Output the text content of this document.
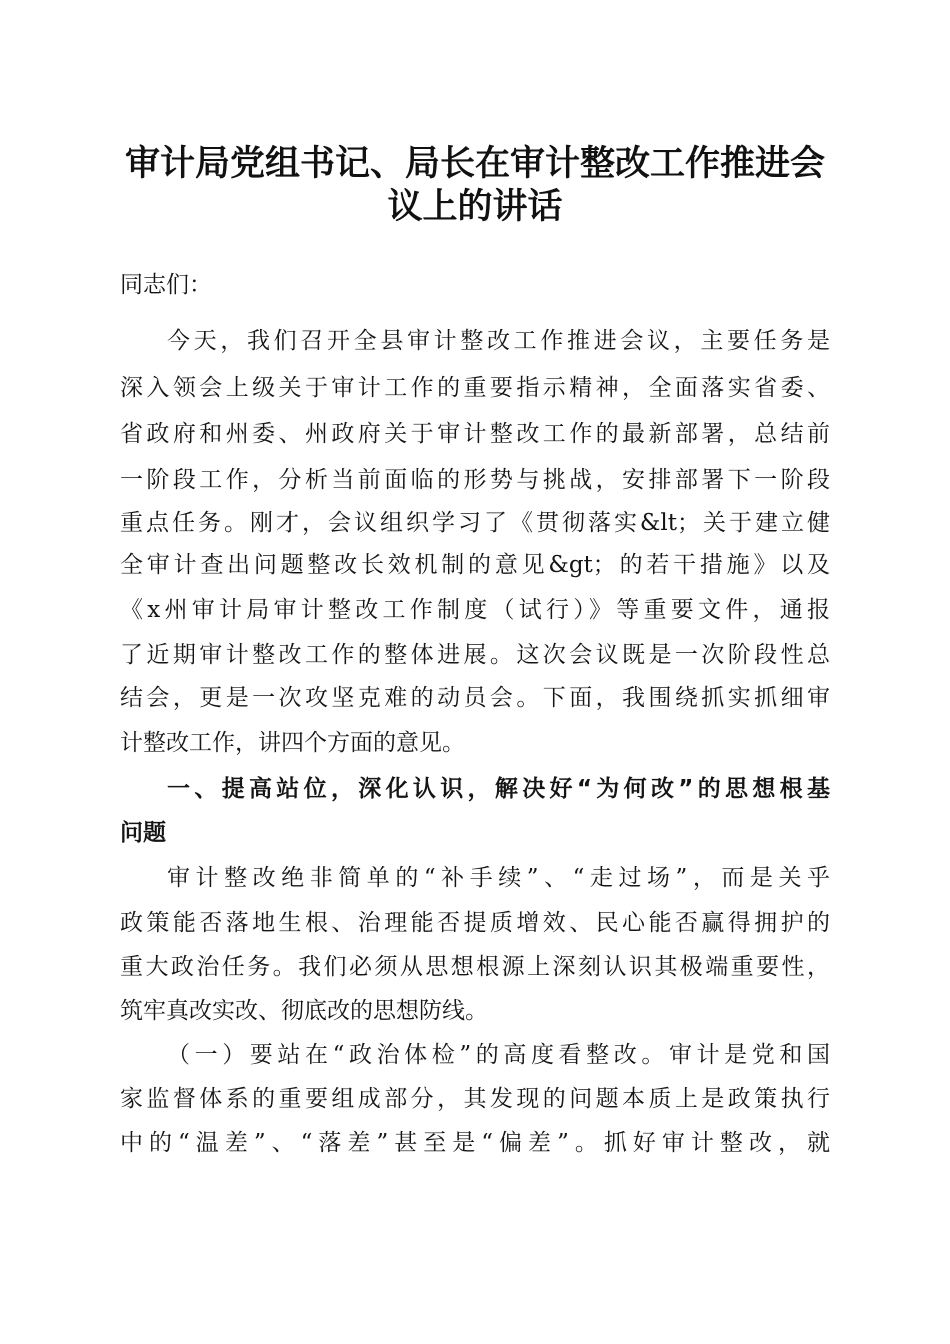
审计局党组书记、局长在审计整改工作推进会
议上的讲话

同志们：

今天，我们召开全县审计整改工作推进会议，主要任务是

深入领会上级关于审计工作的重要指示精神，全面落实省委、

省政府和州委、州政府关于审计整改工作的最新部署，总结前

一阶段工作，分析当前面临的形势与挑战，安排部署下一阶段

重点任务。刚才，会议组织学习了《贯彻落实&lt；关于建立健

全审计查出问题整改长效机制的意见&gt；的若干措施》以及

《x州审计局审计整改工作制度（试行）》等重要文件，通报

了近期审计整改工作的整体进展。这次会议既是一次阶段性总

结会，更是一次攻坚克难的动员会。下面，我围绕抓实抓细审

计整改工作，讲四个方面的意见。

一、提高站位，深化认识，解决好“为何改”的思想根基

问题

审计整改绝非简单的“补手续”、“走过场”，而是关乎

政策能否落地生根、治理能否提质增效、民心能否赢得拥护的

重大政治任务。我们必须从思想根源上深刻认识其极端重要性，

筑牢真改实改、彻底改的思想防线。

（一）要站在“政治体检”的高度看整改。审计是党和国

家监督体系的重要组成部分，其发现的问题本质上是政策执行

中的“温差”、“落差”甚至是“偏差”。抓好审计整改，就
